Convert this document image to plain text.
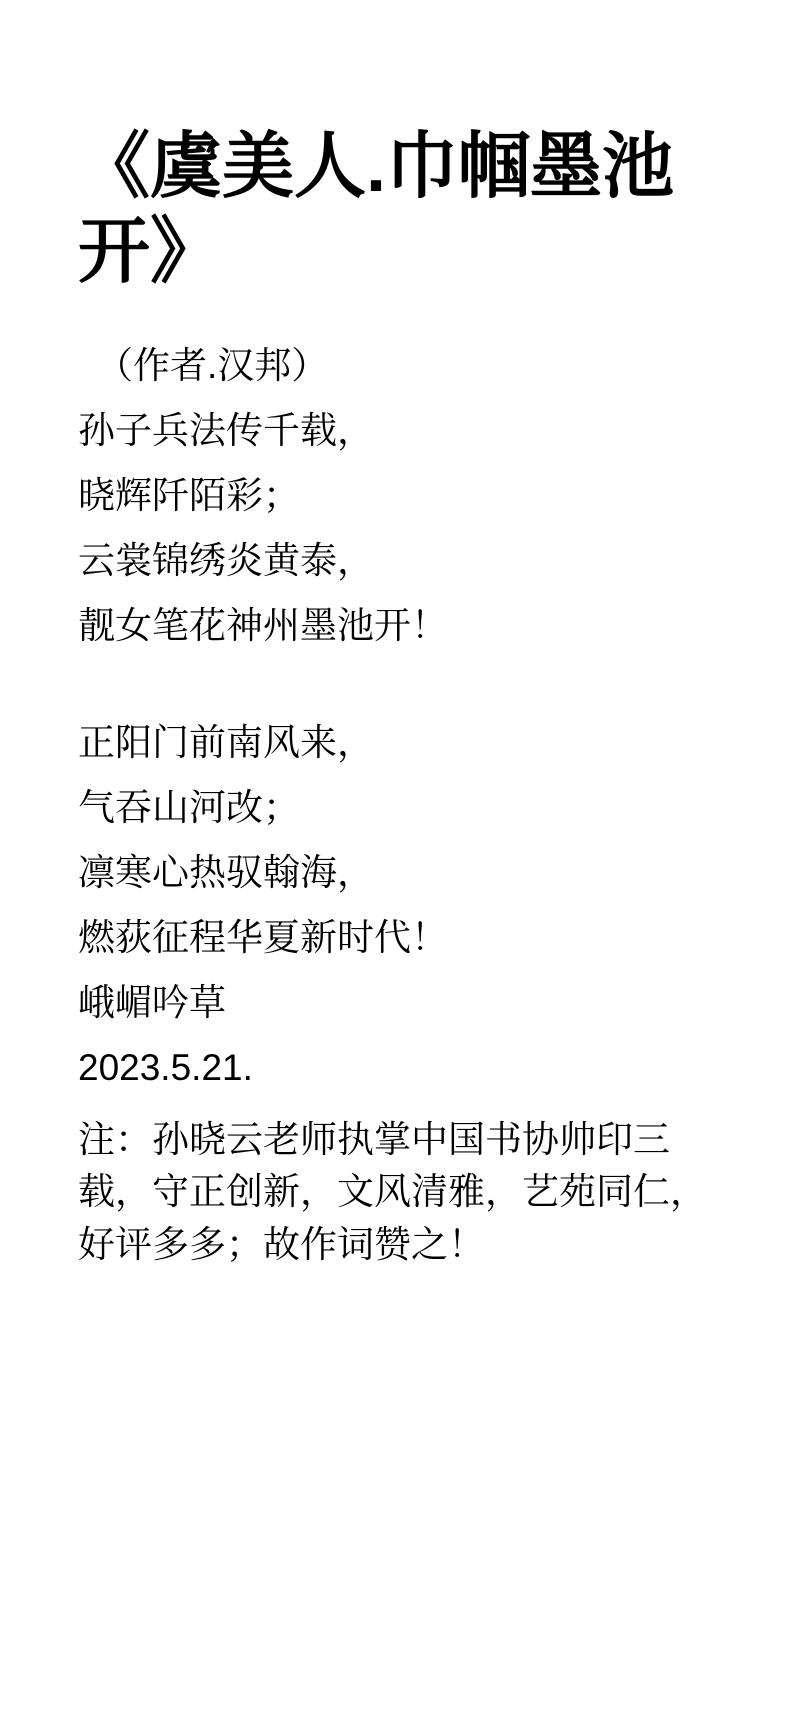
《虞美人.巾帼墨池开》
（作者.汉邦）
孙子兵法传千载，
晓辉阡陌彩；
云裳锦绣炎黄泰，
靓女笔花神州墨池开！
正阳门前南风来，
气吞山河改；
凛寒心热驭翰海，
燃荻征程华夏新时代！
峨嵋吟草
2023.5.21.
注：孙晓云老师执掌中国书协帅印三载，守正创新，文风清雅，艺苑同仁，好评多多；故作词赞之！
